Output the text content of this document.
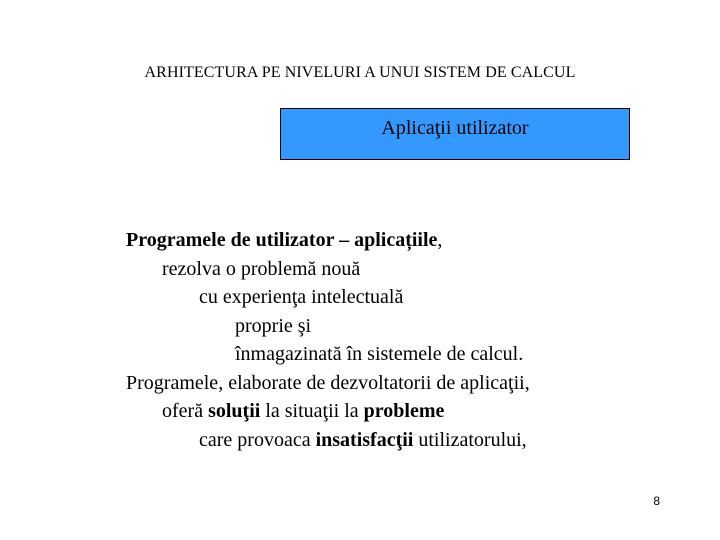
ARHITECTURA PE NIVELURI A UNUI SISTEM DE CALCUL
Aplicaţii utilizator
Programele de utilizator – aplicațiile,
rezolva o problemă nouă
cu experienţa intelectuală
proprie şi
înmagazinată în sistemele de calcul.
Programele, elaborate de dezvoltatorii de aplicaţii,
oferă soluţii la situaţii la probleme
care provoaca insatisfacţii utilizatorului,
8
